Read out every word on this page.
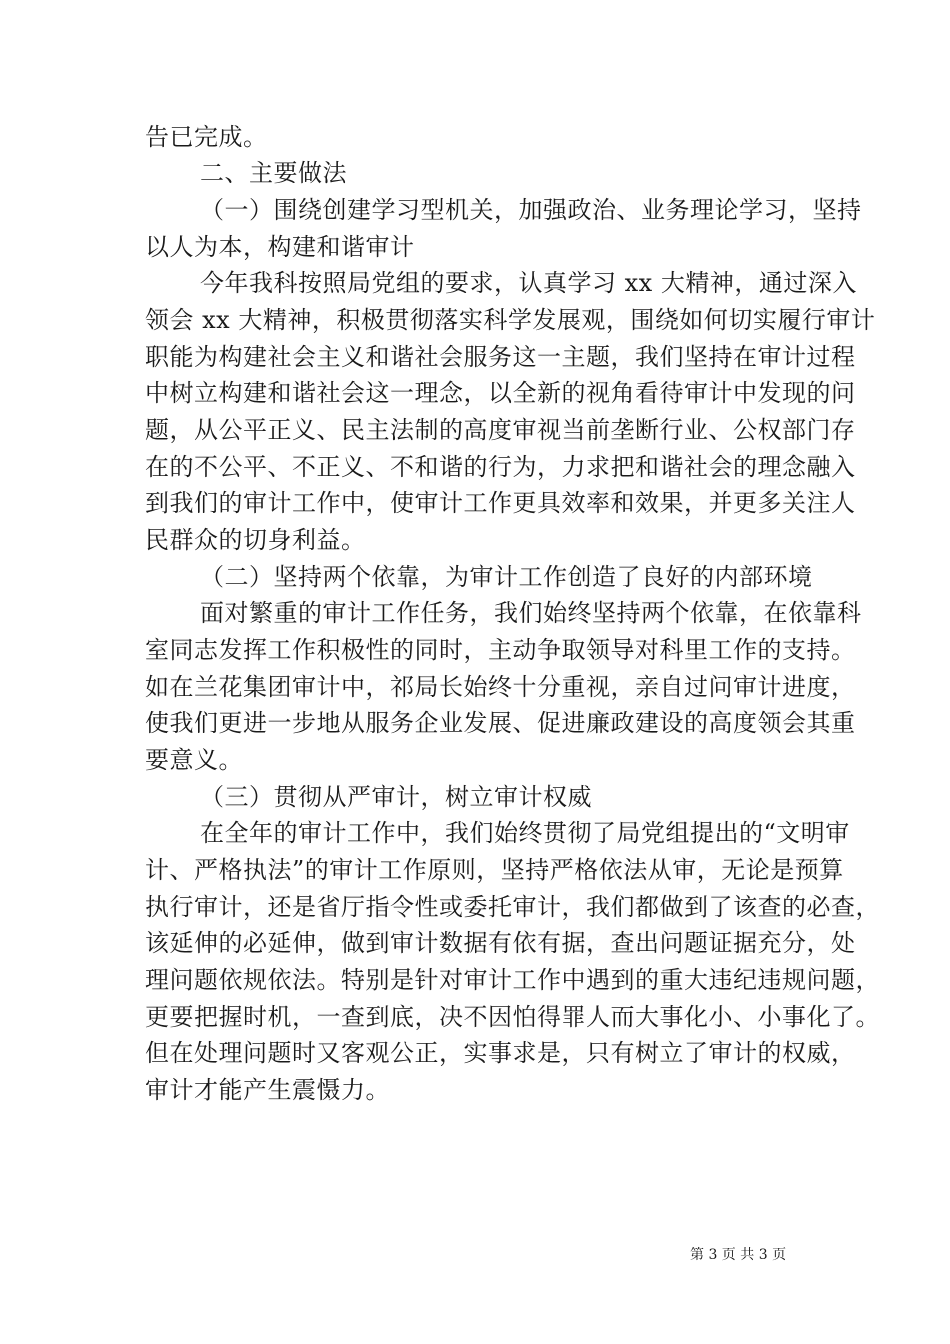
告已完成。
二、主要做法
（一）围绕创建学习型机关，加强政治、业务理论学习，坚持
以人为本，构建和谐审计
今年我科按照局党组的要求，认真学习 xx 大精神，通过深入
领会 xx 大精神，积极贯彻落实科学发展观，围绕如何切实履行审计
职能为构建社会主义和谐社会服务这一主题，我们坚持在审计过程
中树立构建和谐社会这一理念，以全新的视角看待审计中发现的问
题，从公平正义、民主法制的高度审视当前垄断行业、公权部门存
在的不公平、不正义、不和谐的行为，力求把和谐社会的理念融入
到我们的审计工作中，使审计工作更具效率和效果，并更多关注人
民群众的切身利益。
（二）坚持两个依靠，为审计工作创造了良好的内部环境
面对繁重的审计工作任务，我们始终坚持两个依靠，在依靠科
室同志发挥工作积极性的同时，主动争取领导对科里工作的支持。
如在兰花集团审计中，祁局长始终十分重视，亲自过问审计进度，
使我们更进一步地从服务企业发展、促进廉政建设的高度领会其重
要意义。
（三）贯彻从严审计，树立审计权威
在全年的审计工作中，我们始终贯彻了局党组提出的“文明审
计、严格执法”的审计工作原则，坚持严格依法从审，无论是预算
执行审计，还是省厅指令性或委托审计，我们都做到了该查的必查，
该延伸的必延伸，做到审计数据有依有据，查出问题证据充分，处
理问题依规依法。特别是针对审计工作中遇到的重大违纪违规问题，
更要把握时机，一查到底，决不因怕得罪人而大事化小、小事化了。
但在处理问题时又客观公正，实事求是，只有树立了审计的权威，
审计才能产生震慑力。
第 3 页 共 3 页
